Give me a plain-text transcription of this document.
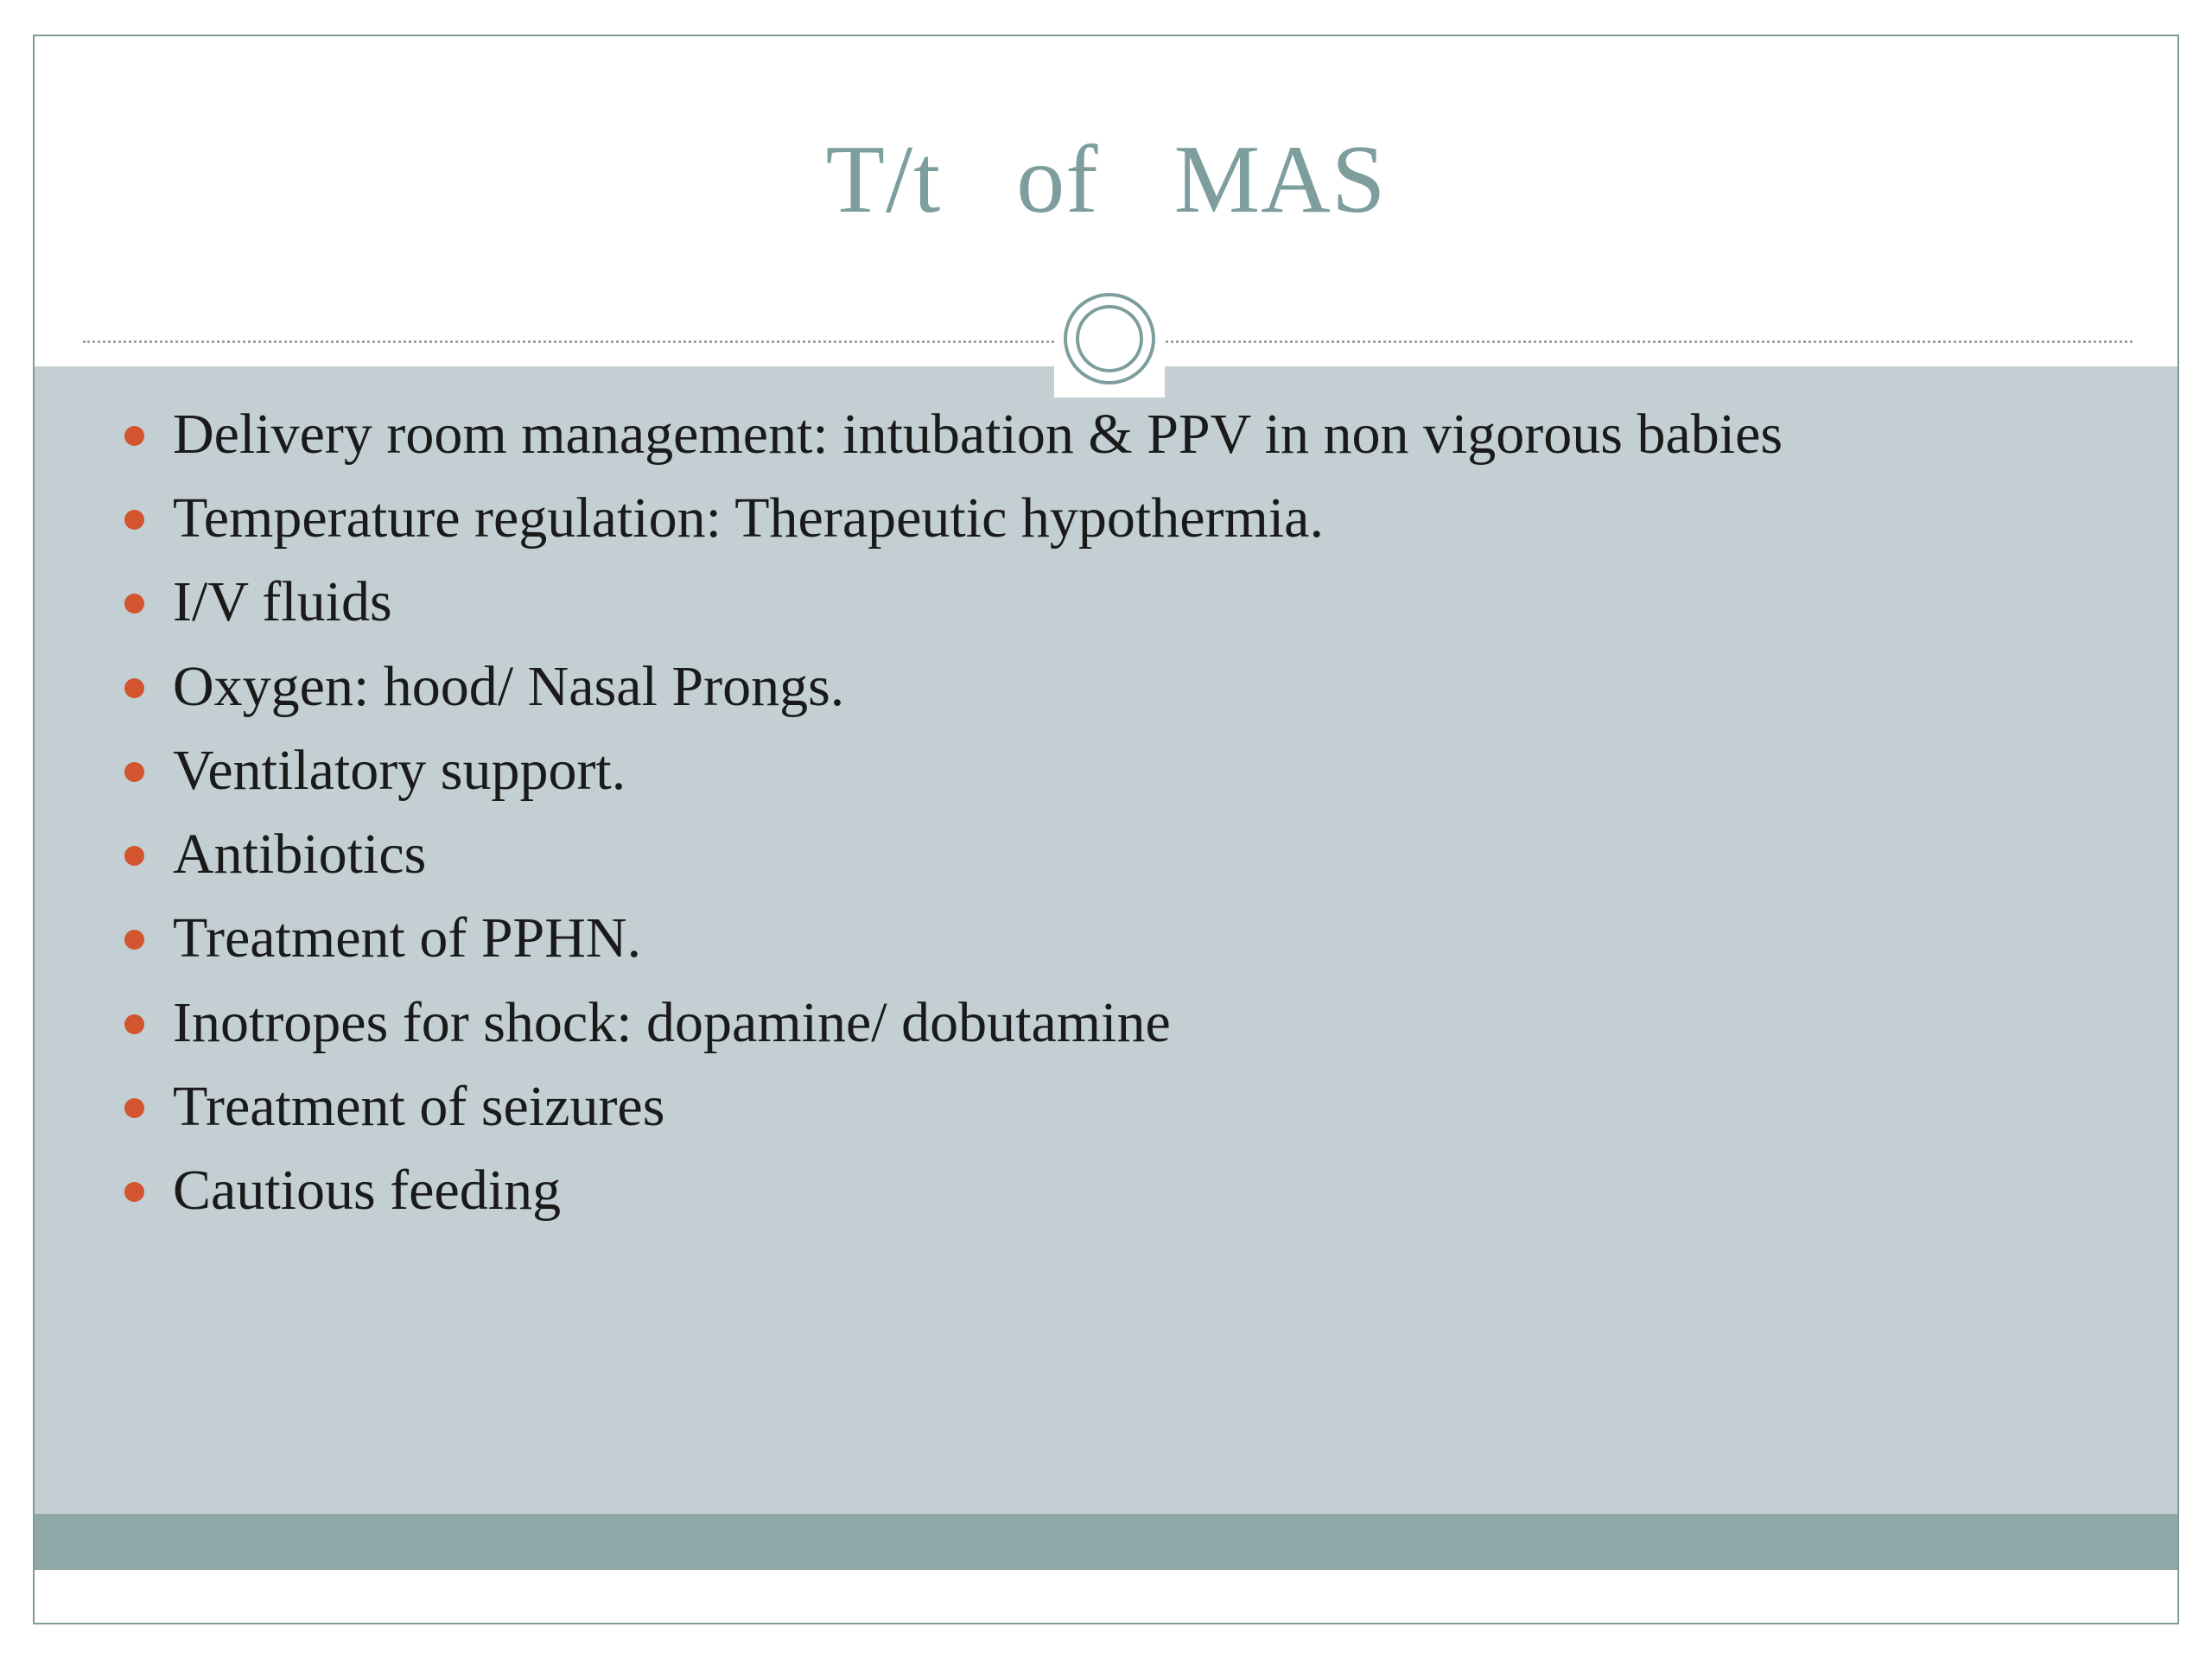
T/t   of   MAS
Delivery room management: intubation & PPV in non vigorous babies
Temperature regulation: Therapeutic hypothermia.
I/V fluids
Oxygen: hood/ Nasal Prongs.
Ventilatory support.
Antibiotics
Treatment of PPHN.
Inotropes for shock: dopamine/ dobutamine
Treatment of seizures
Cautious feeding
